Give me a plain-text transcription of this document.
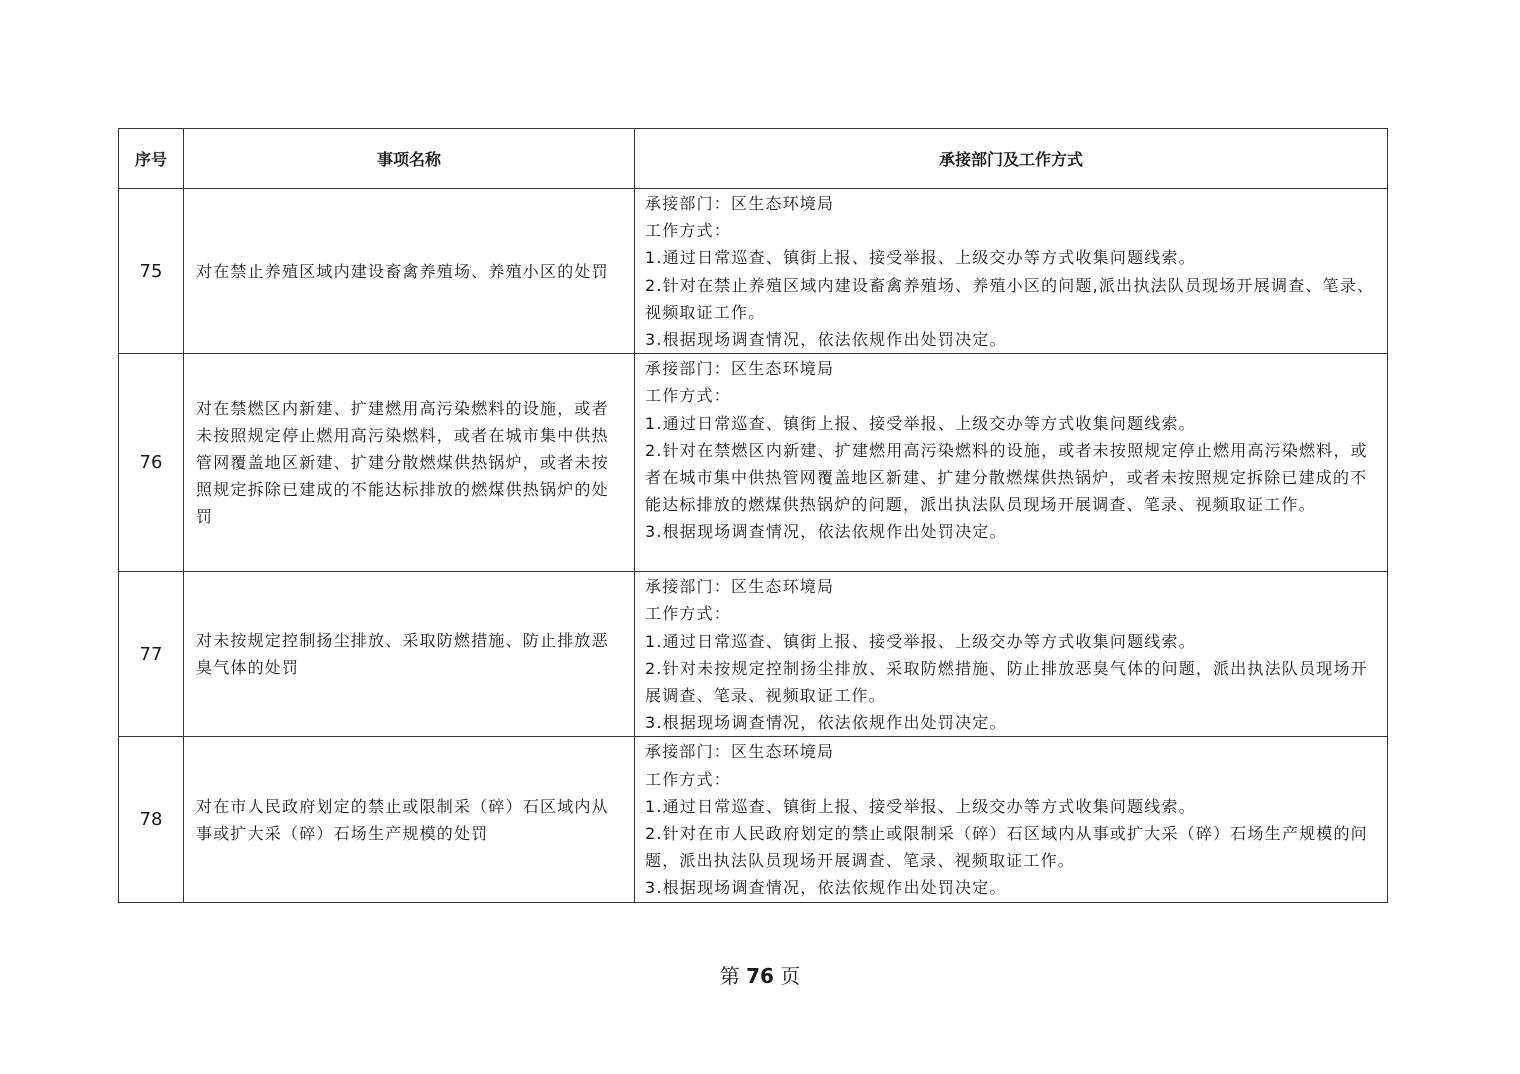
序号	事项名称	承接部门及工作方式
75	对在禁止养殖区域内建设畜禽养殖场、养殖小区的处罚	承接部门：区生态环境局
工作方式：
1.通过日常巡查、镇街上报、接受举报、上级交办等方式收集问题线索。
2.针对在禁止养殖区域内建设畜禽养殖场、养殖小区的问题,派出执法队员现场开展调查、笔录、视频取证工作。
3.根据现场调查情况，依法依规作出处罚决定。

76	对在禁燃区内新建、扩建燃用高污染燃料的设施，或者未按照规定停止燃用高污染燃料，或者在城市集中供热管网覆盖地区新建、扩建分散燃煤供热锅炉，或者未按照规定拆除已建成的不能达标排放的燃煤供热锅炉的处罚	承接部门：区生态环境局
工作方式：
1.通过日常巡查、镇街上报、接受举报、上级交办等方式收集问题线索。
2.针对在禁燃区内新建、扩建燃用高污染燃料的设施，或者未按照规定停止燃用高污染燃料，或者在城市集中供热管网覆盖地区新建、扩建分散燃煤供热锅炉，或者未按照规定拆除已建成的不能达标排放的燃煤供热锅炉的问题，派出执法队员现场开展调查、笔录、视频取证工作。
3.根据现场调查情况，依法依规作出处罚决定。

77	对未按规定控制扬尘排放、采取防燃措施、防止排放恶臭气体的处罚	承接部门：区生态环境局
工作方式：
1.通过日常巡查、镇街上报、接受举报、上级交办等方式收集问题线索。
2.针对未按规定控制扬尘排放、采取防燃措施、防止排放恶臭气体的问题，派出执法队员现场开展调查、笔录、视频取证工作。
3.根据现场调查情况，依法依规作出处罚决定。

78	对在市人民政府划定的禁止或限制采（碎）石区域内从事或扩大采（碎）石场生产规模的处罚	承接部门：区生态环境局
工作方式：
1.通过日常巡查、镇街上报、接受举报、上级交办等方式收集问题线索。
2.针对在市人民政府划定的禁止或限制采（碎）石区域内从事或扩大采（碎）石场生产规模的问题，派出执法队员现场开展调查、笔录、视频取证工作。
3.根据现场调查情况，依法依规作出处罚决定。
第 76 页
